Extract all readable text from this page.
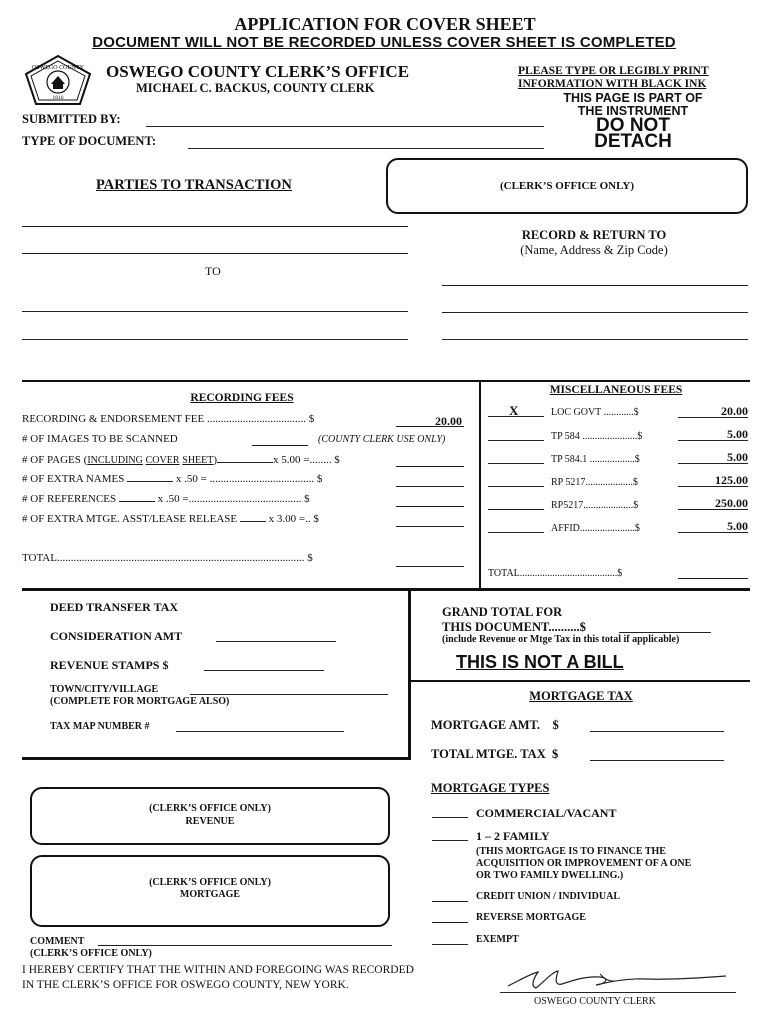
APPLICATION FOR COVER SHEET
DOCUMENT WILL NOT BE RECORDED UNLESS COVER SHEET IS COMPLETED
OSWEGO COUNTY
1816
OSWEGO COUNTY CLERK’S OFFICE
MICHAEL C. BACKUS, COUNTY CLERK
PLEASE TYPE OR LEGIBLY PRINT
INFORMATION WITH BLACK INK
THIS PAGE IS PART OF
THE INSTRUMENT
DO NOT
DETACH
SUBMITTED BY:
TYPE OF DOCUMENT:
PARTIES TO TRANSACTION	(CLERK’S OFFICE ONLY)
TO
RECORD & RETURN TO
(Name, Address & Zip Code)
RECORDING FEES
RECORDING & ENDORSEMENT FEE .................................... $	20.00
# OF IMAGES TO BE SCANNED	(COUNTY CLERK USE ONLY)
# OF PAGES (INCLUDING COVER SHEET)	x 5.00 =........ $
# OF EXTRA NAMES	x .50 = ...................................... $
# OF REFERENCES	x .50 =......................................... $
# OF EXTRA MTGE. ASST/LEASE RELEASE	x 3.00 =.. $
TOTAL.......................................................................................... $
MISCELLANEOUS FEES
X	LOC GOVT ............$	20.00
TP 584 ......................$	5.00
TP 584.1 ..................$	5.00
RP 5217...................$	125.00
RP5217....................$	250.00
AFFID......................$	5.00
TOTAL.......................................$
DEED TRANSFER TAX
CONSIDERATION AMT
REVENUE STAMPS $
TOWN/CITY/VILLAGE
(COMPLETE FOR MORTGAGE ALSO)
TAX MAP NUMBER #
GRAND TOTAL FOR
THIS DOCUMENT..........$
(include Revenue or Mtge Tax in this total if applicable)
THIS IS NOT A BILL
MORTGAGE TAX
MORTGAGE AMT.    $
TOTAL MTGE. TAX  $
MORTGAGE TYPES
COMMERCIAL/VACANT
1 – 2 FAMILY
(THIS MORTGAGE IS TO FINANCE THE
ACQUISITION OR IMPROVEMENT OF A ONE
OR TWO FAMILY DWELLING.)
CREDIT UNION / INDIVIDUAL
REVERSE MORTGAGE
EXEMPT
(CLERK’S OFFICE ONLY)
REVENUE
(CLERK’S OFFICE ONLY)
MORTGAGE
COMMENT
(CLERK’S OFFICE ONLY)
I HEREBY CERTIFY THAT THE WITHIN AND FOREGOING WAS RECORDED
IN THE CLERK’S OFFICE FOR OSWEGO COUNTY, NEW YORK.
OSWEGO COUNTY CLERK
